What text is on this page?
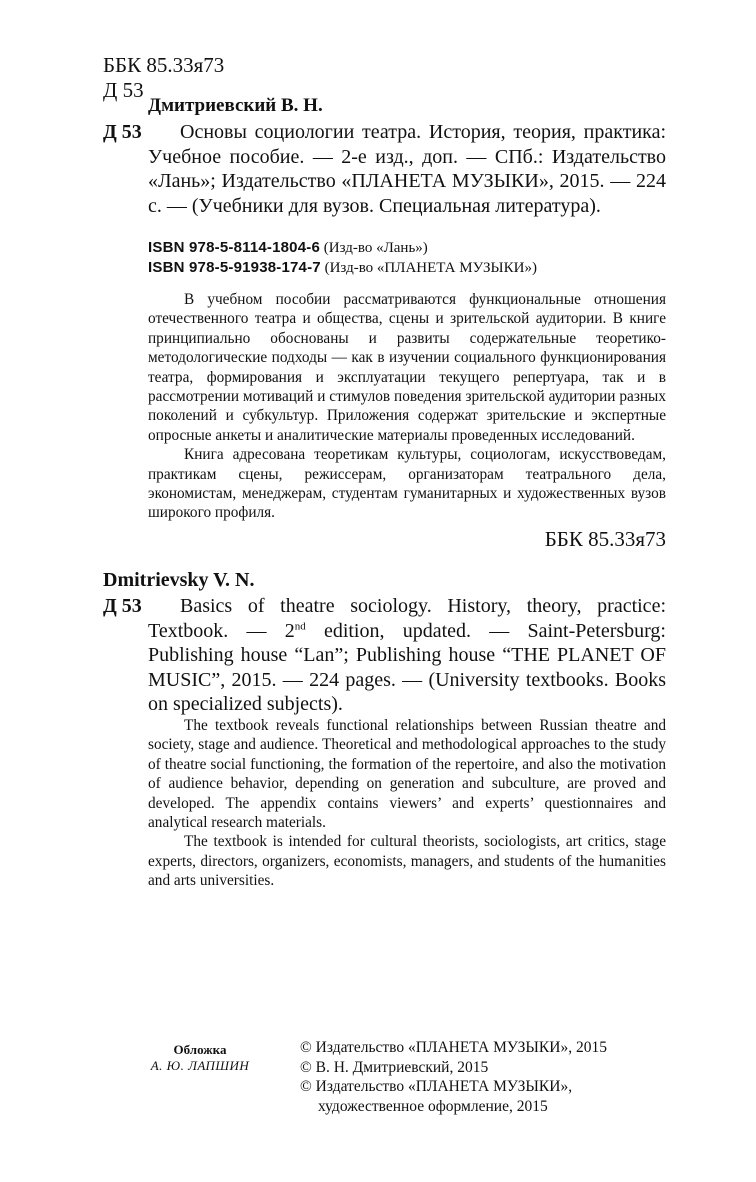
ББК 85.33я73
Д 53
Дмитриевский В. Н.
Д 53	Основы социологии театра. История, теория, практика: Учебное пособие. — 2-е изд., доп. — СПб.: Издательство «Лань»; Издательство «ПЛАНЕТА МУЗЫКИ», 2015. — 224 с. — (Учебники для вузов. Специальная литература).
ISBN 978-5-8114-1804-6 (Изд-во «Лань»)
ISBN 978-5-91938-174-7 (Изд-во «ПЛАНЕТА МУЗЫКИ»)

В учебном пособии рассматриваются функциональные отношения отечественного театра и общества, сцены и зрительской аудитории. В книге принципиально обоснованы и развиты содержательные теоретико-методологические подходы — как в изучении социального функционирования театра, формирования и эксплуатации текущего репертуара, так и в рассмотрении мотиваций и стимулов поведения зрительской аудитории разных поколений и субкультур. Приложения содержат зрительские и экспертные опросные анкеты и аналитические материалы проведенных исследований.

Книга адресована теоретикам культуры, социологам, искусствоведам, практикам сцены, режиссерам, организаторам театрального дела, экономистам, менеджерам, студентам гуманитарных и художественных вузов широкого профиля.

ББК 85.33я73
Dmitrievsky V. N.
Д 53	Basics of theatre sociology. History, theory, practice: Textbook. — 2nd edition, updated. — Saint-Petersburg: Publishing house “Lan”; Publishing house “THE PLANET OF MUSIC”, 2015. — 224 pages. — (University textbooks. Books on specialized subjects).

The textbook reveals functional relationships between Russian theatre and society, stage and audience. Theoretical and methodological approaches to the study of theatre social functioning, the formation of the repertoire, and also the motivation of audience behavior, depending on generation and subculture, are proved and developed. The appendix contains viewers’ and experts’ questionnaires and analytical research materials.

The textbook is intended for cultural theorists, sociologists, art critics, stage experts, directors, organizers, economists, managers, and students of the humanities and arts universities.

Обложка
А. Ю. ЛАПШИН
© Издательство «ПЛАНЕТА МУЗЫКИ», 2015
© В. Н. Дмитриевский, 2015
© Издательство «ПЛАНЕТА МУЗЫКИ»,
художественное оформление, 2015
